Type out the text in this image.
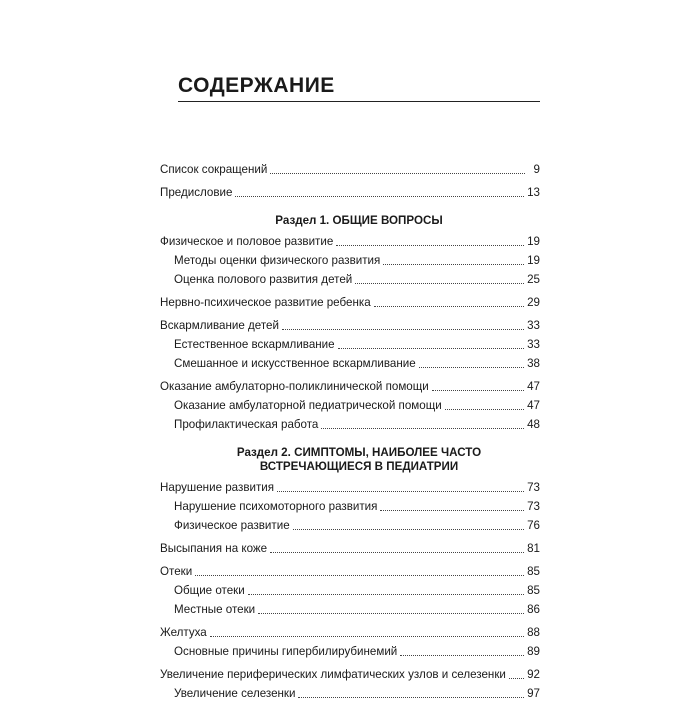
СОДЕРЖАНИЕ
Список сокращений	9
Предисловие	13
Раздел 1. ОБЩИЕ ВОПРОСЫ
Физическое и половое развитие	19
Методы оценки физического развития	19
Оценка полового развития детей	25
Нервно-психическое развитие ребенка	29
Вскармливание детей	33
Естественное вскармливание	33
Смешанное и искусственное вскармливание	38
Оказание амбулаторно-поликлинической помощи	47
Оказание амбулаторной педиатрической помощи	47
Профилактическая работа	48
Раздел 2. СИМПТОМЫ, НАИБОЛЕЕ ЧАСТО
ВСТРЕЧАЮЩИЕСЯ В ПЕДИАТРИИ
Нарушение развития	73
Нарушение психомоторного развития	73
Физическое развитие	76
Высыпания на коже	81
Отеки	85
Общие отеки	85
Местные отеки	86
Желтуха	88
Основные причины гипербилирубинемий	89
Увеличение периферических лимфатических узлов и селезенки 92
Увеличение селезенки	97
